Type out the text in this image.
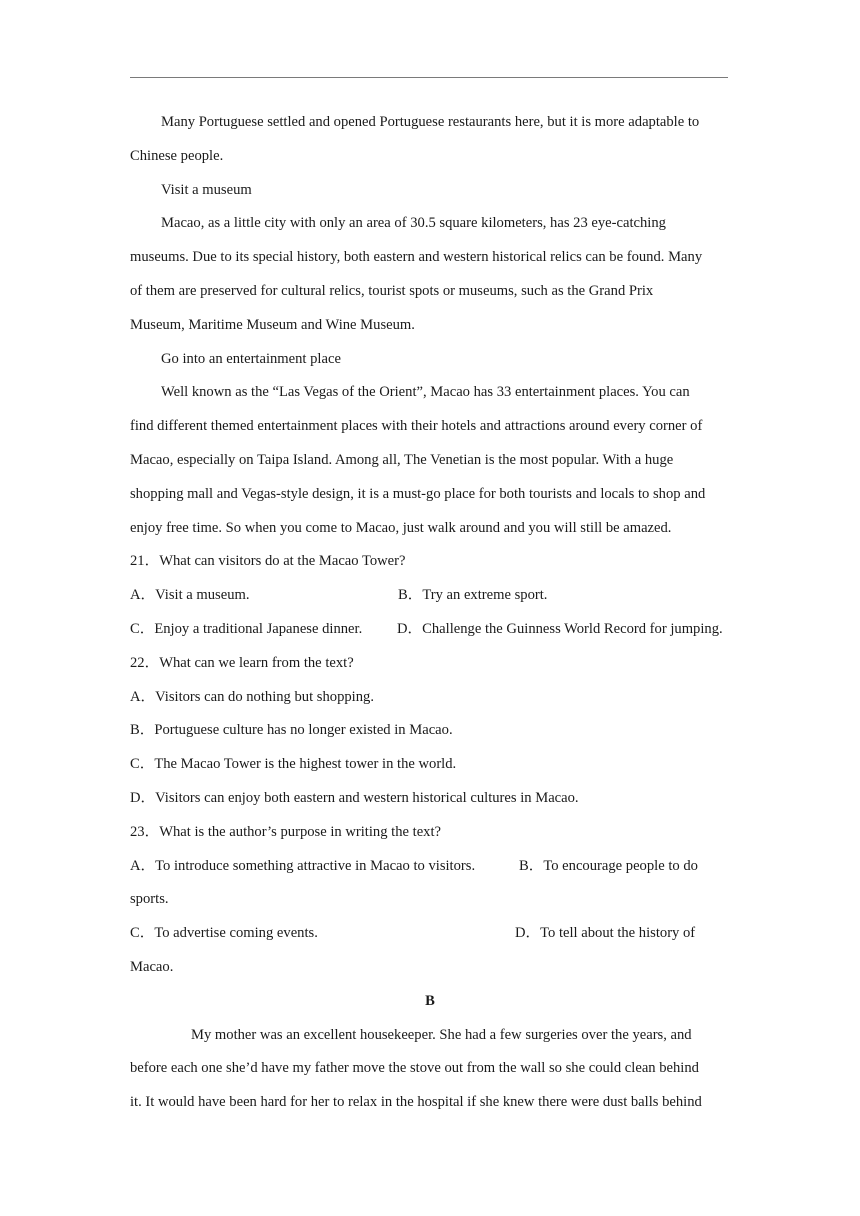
Many Portuguese settled and opened Portuguese restaurants here, but it is more adaptable to
Chinese people.
Visit a museum
Macao, as a little city with only an area of 30.5 square kilometers, has 23 eye-catching
museums. Due to its special history, both eastern and western historical relics can be found. Many
of them are preserved for cultural relics, tourist spots or museums, such as the Grand Prix
Museum, Maritime Museum and Wine Museum.
Go into an entertainment place
Well known as the “Las Vegas of the Orient”, Macao has 33 entertainment places. You can
find different themed entertainment places with their hotels and attractions around every corner of
Macao, especially on Taipa Island. Among all, The Venetian is the most popular. With a huge
shopping mall and Vegas-style design, it is a must-go place for both tourists and locals to shop and
enjoy free time. So when you come to Macao, just walk around and you will still be amazed.
21．What can visitors do at the Macao Tower?
A．Visit a museum.	B．Try an extreme sport.
C．Enjoy a traditional Japanese dinner. D．Challenge the Guinness World Record for jumping.
22．What can we learn from the text?
A．Visitors can do nothing but shopping.
B．Portuguese culture has no longer existed in Macao.
C．The Macao Tower is the highest tower in the world.
D．Visitors can enjoy both eastern and western historical cultures in Macao.
23．What is the author’s purpose in writing the text?
A．To introduce something attractive in Macao to visitors.	B．To encourage people to do
sports.
C．To advertise coming events.	D．To tell about the history of
Macao.
B
My mother was an excellent housekeeper. She had a few surgeries over the years, and
before each one she’d have my father move the stove out from the wall so she could clean behind
it. It would have been hard for her to relax in the hospital if she knew there were dust balls behind
